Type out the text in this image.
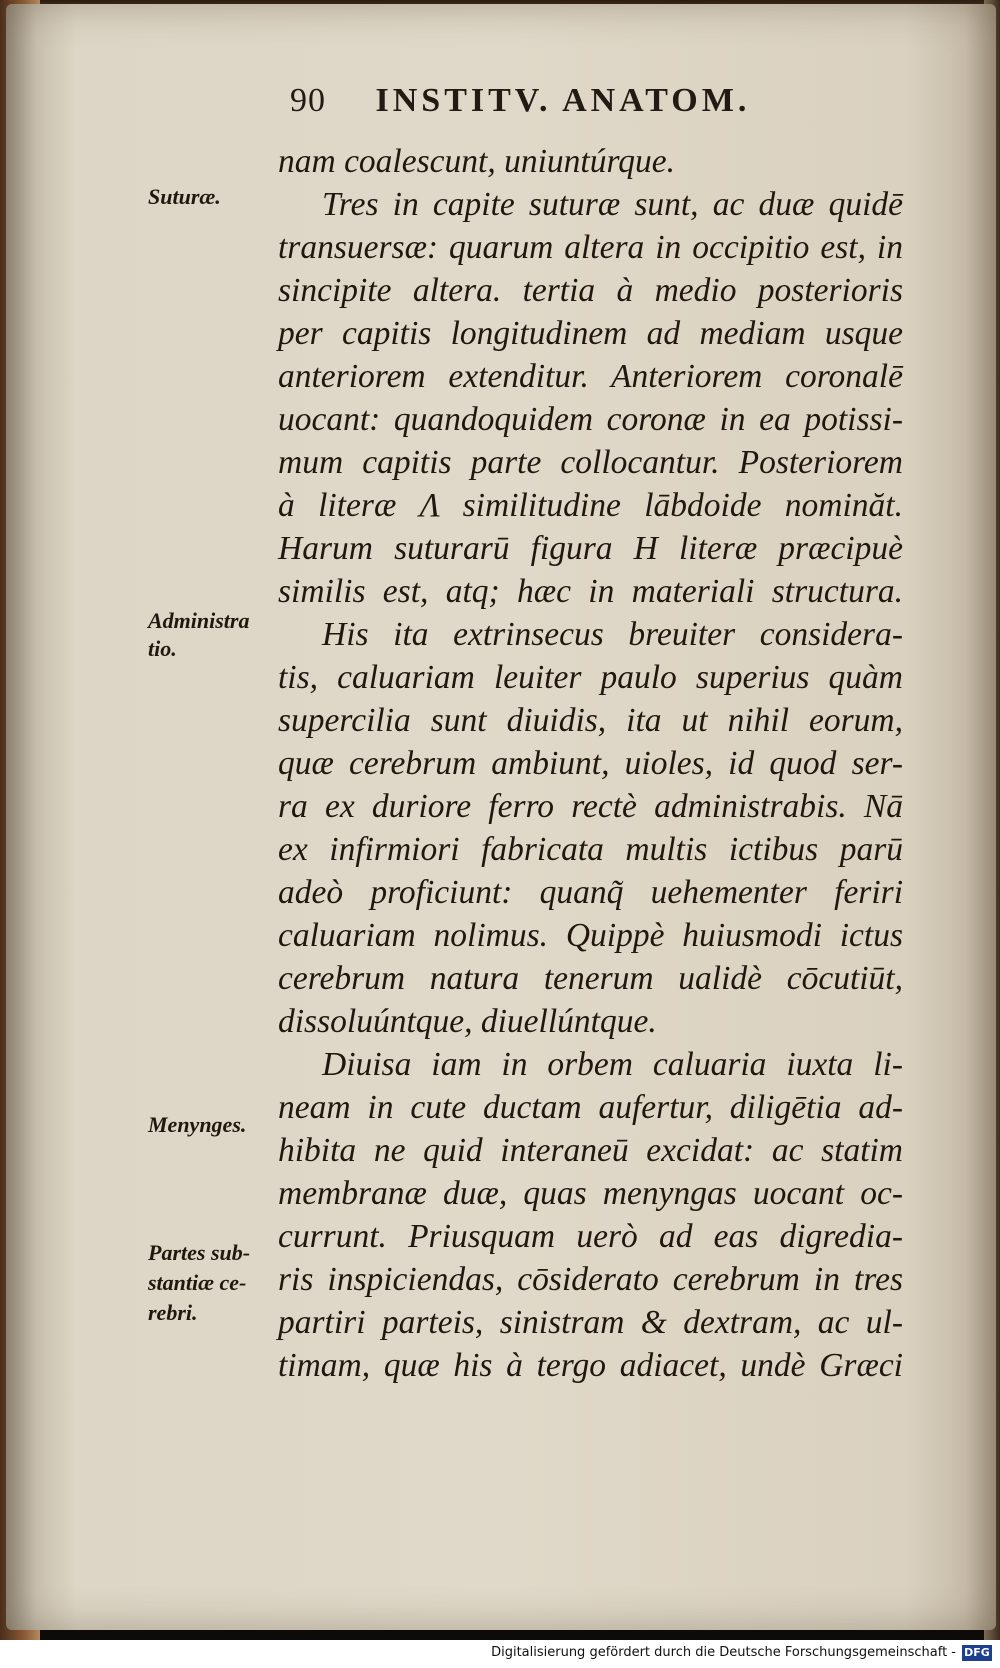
90 INSTITV. ANATOM.
Suturæ.
Administra
tio.
Menynges.
Partes sub-
stantiæ ce-
rebri.
nam coalescunt, uniuntúrque.
Tres in capite suturæ sunt, ac duæ quidē
transuersæ: quarum altera in occipitio est, in
sincipite altera. tertia à medio posterioris
per capitis longitudinem ad mediam usque
anteriorem extenditur. Anteriorem coronalē
uocant: quandoquidem coronæ in ea potissi-
mum capitis parte collocantur. Posteriorem
à literæ Λ similitudine lābdoide nominăt.
Harum suturarū figura H literæ præcipuè
similis est, atq; hæc in materiali structura.
His ita extrinsecus breuiter considera-
tis, caluariam leuiter paulo superius quàm
supercilia sunt diuidis, ita ut nihil eorum,
quæ cerebrum ambiunt, uioles, id quod ser-
ra ex duriore ferro rectè administrabis. Nā
ex infirmiori fabricata multis ictibus parū
adeò proficiunt: quanq̃ uehementer feriri
caluariam nolimus. Quippè huiusmodi ictus
cerebrum natura tenerum ualidè cōcutiūt,
dissoluúntque, diuellúntque.
Diuisa iam in orbem caluaria iuxta li-
neam in cute ductam aufertur, diligētia ad-
hibita ne quid interaneū excidat: ac statim
membranæ duæ, quas menyngas uocant oc-
currunt. Priusquam uerò ad eas digredia-
ris inspiciendas, cōsiderato cerebrum in tres
partiri parteis, sinistram & dextram, ac ul-
timam, quæ his à tergo adiacet, undè Græci
Digitalisierung gefördert durch die Deutsche Forschungsgemeinschaft - DFG
